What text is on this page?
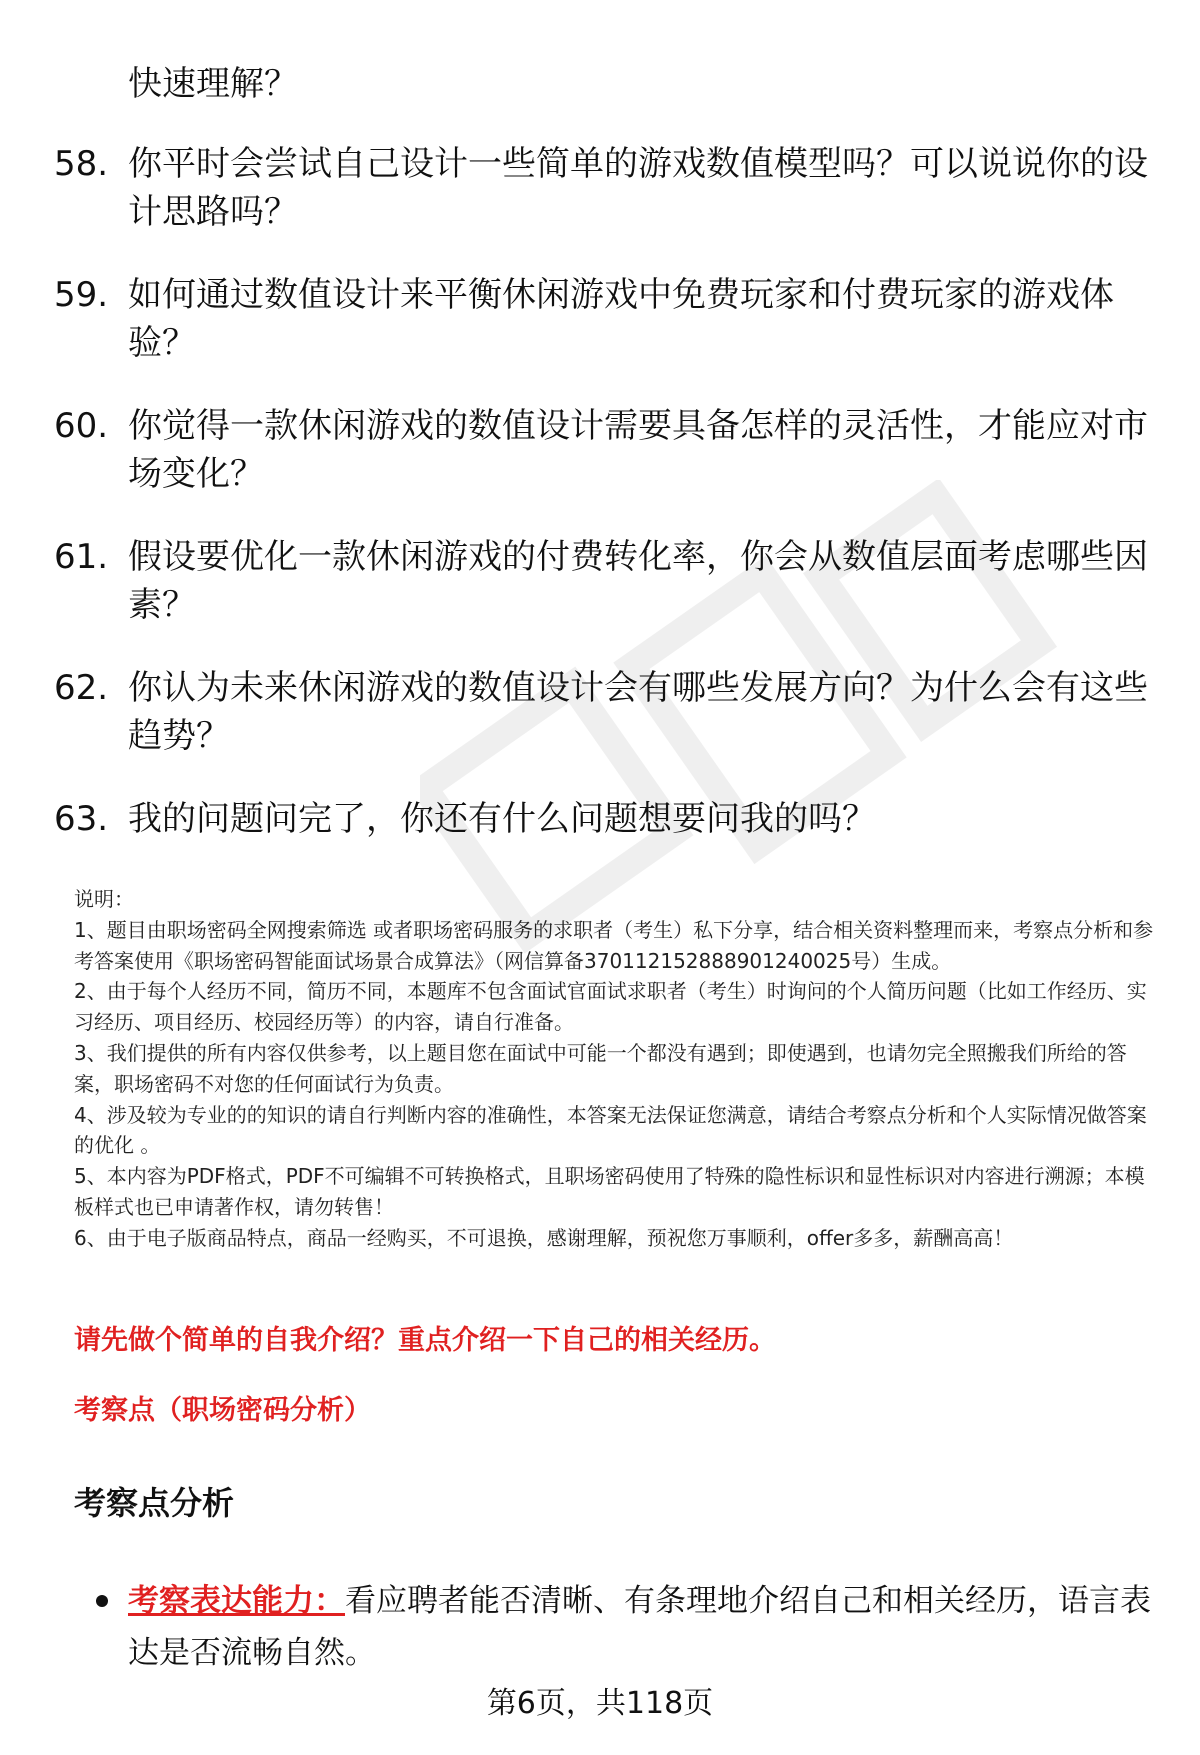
快速理解？
58. 你平时会尝试自己设计一些简单的游戏数值模型吗？可以说说你的设计思路吗？
59. 如何通过数值设计来平衡休闲游戏中免费玩家和付费玩家的游戏体验？
60. 你觉得一款休闲游戏的数值设计需要具备怎样的灵活性，才能应对市场变化？
61. 假设要优化一款休闲游戏的付费转化率，你会从数值层面考虑哪些因素？
62. 你认为未来休闲游戏的数值设计会有哪些发展方向？为什么会有这些趋势？
63. 我的问题问完了，你还有什么问题想要问我的吗？
说明：
1、题目由职场密码全网搜索筛选 或者职场密码服务的求职者（考生）私下分享，结合相关资料整理而来，考察点分析和参考答案使用《职场密码智能面试场景合成算法》（网信算备370112152888901240025号）生成。
2、由于每个人经历不同，简历不同，本题库不包含面试官面试求职者（考生）时询问的个人简历问题（比如工作经历、实习经历、项目经历、校园经历等）的内容，请自行准备。
3、我们提供的所有内容仅供参考，以上题目您在面试中可能一个都没有遇到；即使遇到，也请勿完全照搬我们所给的答案，职场密码不对您的任何面试行为负责。
4、涉及较为专业的的知识的请自行判断内容的准确性，本答案无法保证您满意，请结合考察点分析和个人实际情况做答案的优化 。
5、本内容为PDF格式，PDF不可编辑不可转换格式，且职场密码使用了特殊的隐性标识和显性标识对内容进行溯源；本模板样式也已申请著作权，请勿转售！
6、由于电子版商品特点，商品一经购买，不可退换，感谢理解，预祝您万事顺利，offer多多，薪酬高高！
请先做个简单的自我介绍？重点介绍一下自己的相关经历。
考察点（职场密码分析）
考察点分析
考察表达能力：看应聘者能否清晰、有条理地介绍自己和相关经历，语言表达是否流畅自然。
第6页，共118页
